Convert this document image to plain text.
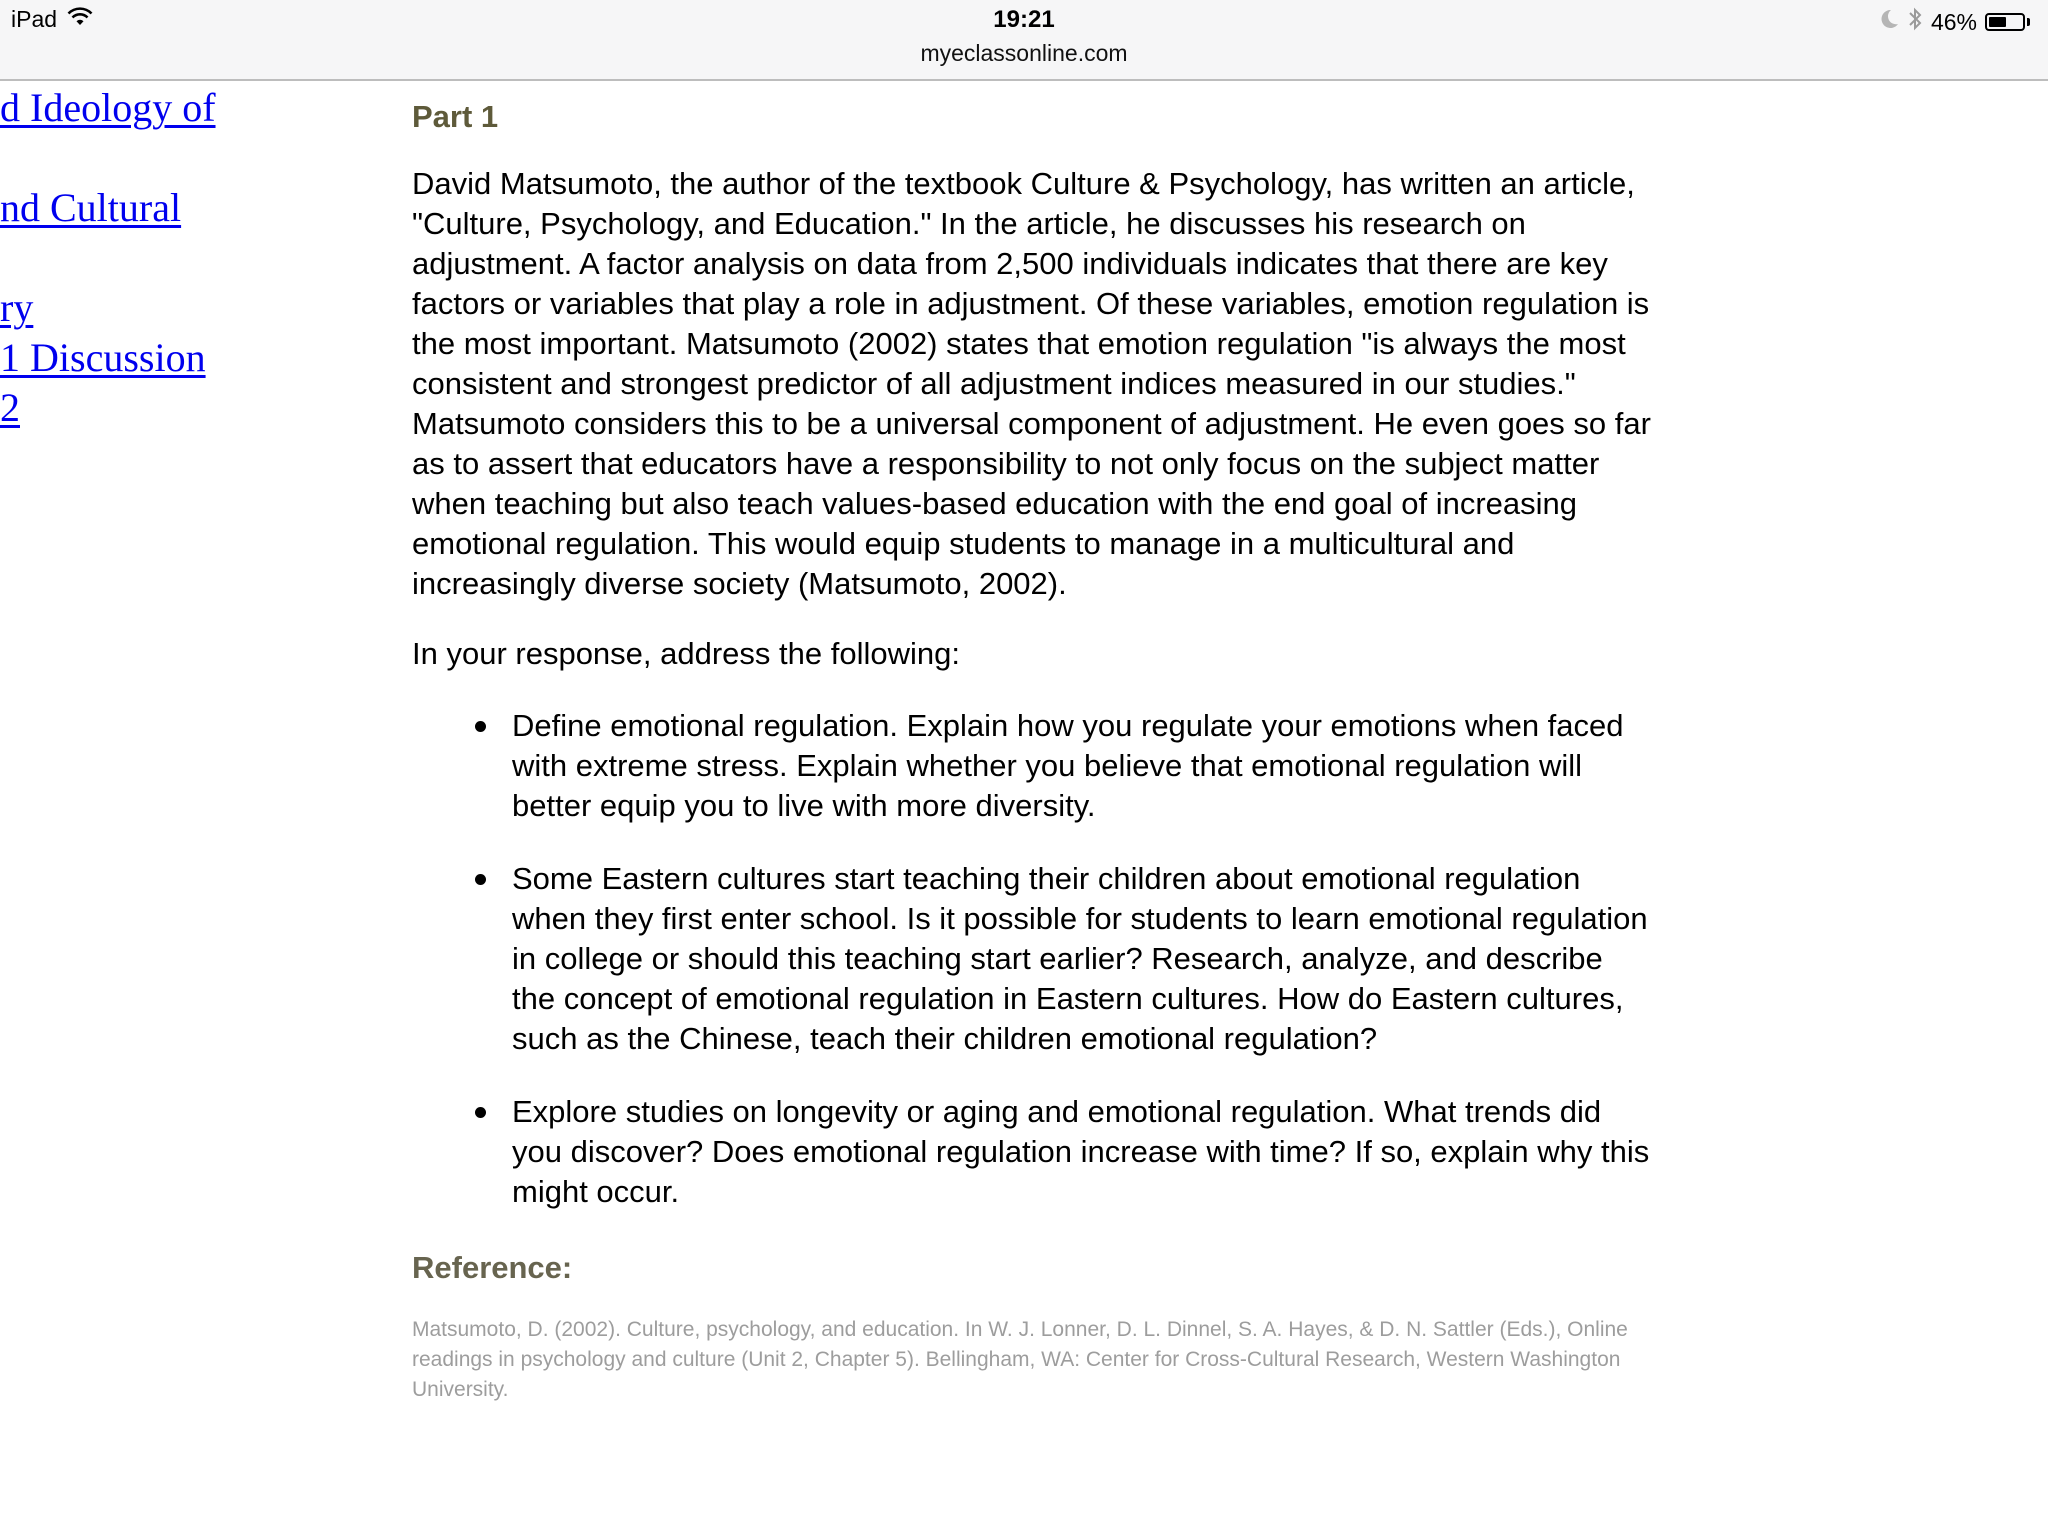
iPad	19:21
myeclassonline.com
46%
d Ideology of
nd Cultural
ry
1 Discussion
2
Part 1

David Matsumoto, the author of the textbook Culture & Psychology, has written an article, "Culture, Psychology, and Education." In the article, he discusses his research on adjustment. A factor analysis on data from 2,500 individuals indicates that there are key factors or variables that play a role in adjustment. Of these variables, emotion regulation is the most important. Matsumoto (2002) states that emotion regulation "is always the most consistent and strongest predictor of all adjustment indices measured in our studies." Matsumoto considers this to be a universal component of adjustment. He even goes so far as to assert that educators have a responsibility to not only focus on the subject matter when teaching but also teach values-based education with the end goal of increasing emotional regulation. This would equip students to manage in a multicultural and increasingly diverse society (Matsumoto, 2002).

In your response, address the following:

Define emotional regulation. Explain how you regulate your emotions when faced with extreme stress. Explain whether you believe that emotional regulation will better equip you to live with more diversity.
Some Eastern cultures start teaching their children about emotional regulation when they first enter school. Is it possible for students to learn emotional regulation in college or should this teaching start earlier? Research, analyze, and describe the concept of emotional regulation in Eastern cultures. How do Eastern cultures, such as the Chinese, teach their children emotional regulation?
Explore studies on longevity or aging and emotional regulation. What trends did you discover? Does emotional regulation increase with time? If so, explain why this might occur.
Reference:

Matsumoto, D. (2002). Culture, psychology, and education. In W. J. Lonner, D. L. Dinnel, S. A. Hayes, & D. N. Sattler (Eds.), Online readings in psychology and culture (Unit 2, Chapter 5). Bellingham, WA: Center for Cross-Cultural Research, Western Washington University.
